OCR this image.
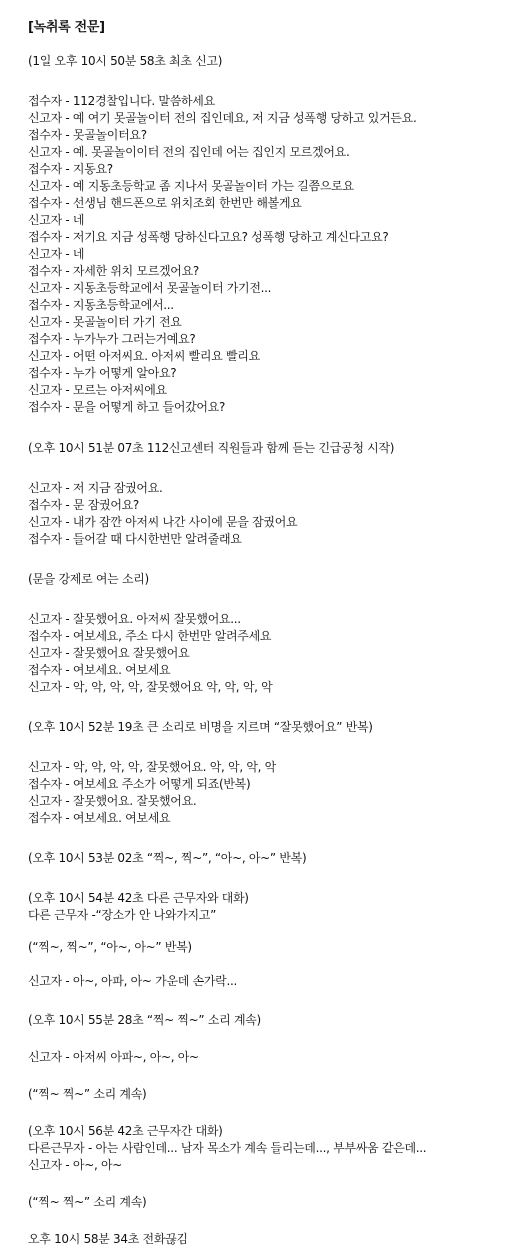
[녹취록 전문]
(1일 오후 10시 50분 58초 최초 신고)
접수자 - 112경찰입니다. 말씀하세요
신고자 - 예 여기 못골놀이터 전의 집인데요, 저 지금 성폭행 당하고 있거든요.
접수자 - 못골놀이터요?
신고자 - 예. 못골놀이이터 전의 집인데 어는 집인지 모르겠어요.
접수자 - 지동요?
신고자 - 예 지동초등학교 좀 지나서 못골놀이터 가는 길쯤으로요
접수자 - 선생님 핸드폰으로 위치조회 한번만 해볼게요
신고자 - 네
접수자 - 저기요 지금 성폭행 당하신다고요? 성폭행 당하고 계신다고요?
신고자 - 네
접수자 - 자세한 위치 모르겠어요?
신고자 - 지동초등학교에서 못골놀이터 가기전...
접수자 - 지동초등학교에서...
신고자 - 못골놀이터 가기 전요
접수자 - 누가누가 그러는거예요?
신고자 - 어떤 아저씨요. 아저씨 빨리요 빨리요
접수자 - 누가 어떻게 알아요?
신고자 - 모르는 아저씨에요
접수자 - 문을 어떻게 하고 들어갔어요?
(오후 10시 51분 07초 112신고센터 직원들과 함께 듣는 긴급공청 시작)
신고자 - 저 지금 잠궜어요.
접수자 - 문 잠궜어요?
신고자 - 내가 잠깐 아저씨 나간 사이에 문을 잠궜어요
접수자 - 들어갈 때 다시한번만 알려줄래요
(문을 강제로 여는 소리)
신고자 - 잘못했어요. 아저씨 잘못했어요...
접수자 - 여보세요, 주소 다시 한번만 알려주세요
신고자 - 잘못했어요 잘못했어요
접수자 - 여보세요. 여보세요
신고자 - 악, 악, 악, 악, 잘못했어요 악, 악, 악, 악
(오후 10시 52분 19초 큰 소리로 비명을 지르며 “잘못했어요” 반복)
신고자 - 악, 악, 악, 악, 잘못했어요. 악, 악, 악, 악
접수자 - 여보세요 주소가 어떻게 되죠(반복)
신고자 - 잘못했어요. 잘못했어요.
접수자 - 여보세요. 여보세요
(오후 10시 53분 02초 “찍~, 찍~”, “아~, 아~” 반복)
(오후 10시 54분 42초 다른 근무자와 대화)
다른 근무자 -“장소가 안 나와가지고”
(“찍~, 찍~”, “아~, 아~” 반복)
신고자 - 아~, 아파, 아~ 가운데 손가락...
(오후 10시 55분 28초 “찍~ 찍~” 소리 계속)
신고자 - 아저씨 아파~, 아~, 아~
(“찍~ 찍~” 소리 계속)
(오후 10시 56분 42초 근무자간 대화)
다른근무자 - 아는 사람인데... 남자 목소가 계속 들리는데..., 부부싸움 같은데...
신고자 - 아~, 아~
(“찍~ 찍~” 소리 계속)
오후 10시 58분 34초 전화끊김
